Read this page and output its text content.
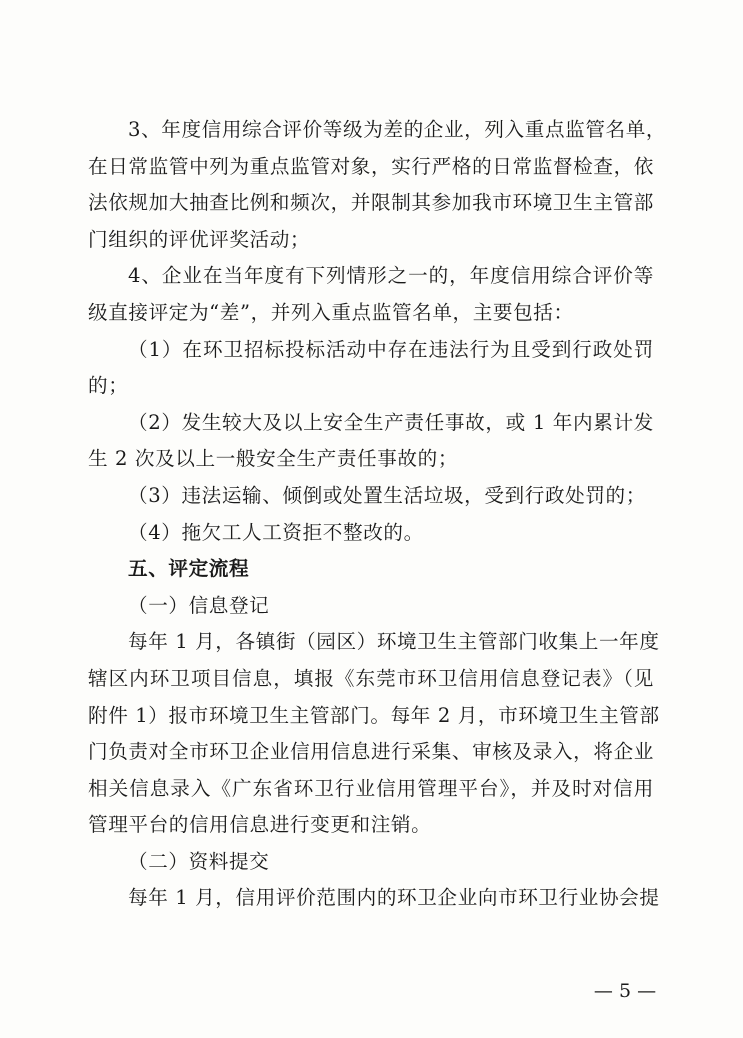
3、年度信用综合评价等级为差的企业，列入重点监管名单，
在日常监管中列为重点监管对象，实行严格的日常监督检查，依
法依规加大抽查比例和频次，并限制其参加我市环境卫生主管部
门组织的评优评奖活动；
4、企业在当年度有下列情形之一的，年度信用综合评价等
级直接评定为“差”，并列入重点监管名单，主要包括：
（1）在环卫招标投标活动中存在违法行为且受到行政处罚
的；
（2）发生较大及以上安全生产责任事故，或 1 年内累计发
生 2 次及以上一般安全生产责任事故的；
（3）违法运输、倾倒或处置生活垃圾，受到行政处罚的；
（4）拖欠工人工资拒不整改的。
五、评定流程
（一）信息登记
每年 1 月，各镇街（园区）环境卫生主管部门收集上一年度
辖区内环卫项目信息，填报《东莞市环卫信用信息登记表》（见
附件 1）报市环境卫生主管部门。每年 2 月，市环境卫生主管部
门负责对全市环卫企业信用信息进行采集、审核及录入，将企业
相关信息录入《广东省环卫行业信用管理平台》，并及时对信用
管理平台的信用信息进行变更和注销。
（二）资料提交
每年 1 月，信用评价范围内的环卫企业向市环卫行业协会提
— 5 —
